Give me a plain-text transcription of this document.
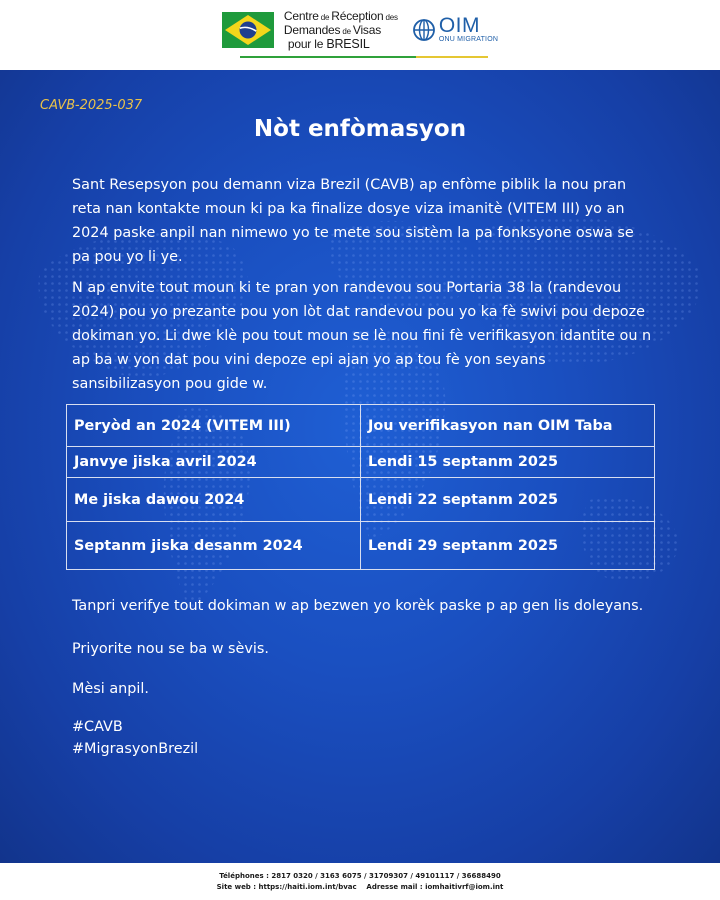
Centre de Réception des
Demandes de Visas
pour le BRESIL
OIM
ONU MIGRATION
CAVB-2025-037
Nòt enfòmasyon

Sant Resepsyon pou demann viza Brezil (CAVB) ap enfòme piblik la nou pran reta nan kontakte moun ki pa ka finalize dosye viza imanitè (VITEM III) yo an 2024 paske anpil nan nimewo yo te mete sou sistèm la pa fonksyone oswa se pa pou yo li ye.

N ap envite tout moun ki te pran yon randevou sou Portaria 38 la (randevou 2024) pou yo prezante pou yon lòt dat randevou pou yo ka fè swivi pou depoze dokiman yo. Li dwe klè pou tout moun se lè nou fini fè verifikasyon idantite ou n ap ba w yon dat pou vini depoze epi ajan yo ap tou fè yon seyans sansibilizasyon pou gide w.

Peryòd an 2024 (VITEM III)	Jou verifikasyon nan OIM Taba
Janvye jiska avril 2024	Lendi 15 septanm 2025
Me jiska dawou 2024	Lendi 22 septanm 2025
Septanm jiska desanm 2024	Lendi 29 septanm 2025
Tanpri verifye tout dokiman w ap bezwen yo korèk paske p ap gen lis doleyans.
Priyorite nou se ba w sèvis.
Mèsi anpil.
#CAVB
#MigrasyonBrezil
Téléphones : 2817 0320 / 3163 6075 / 31709307 / 49101117 / 36688490
Site web : https://haiti.iom.int/bvac Adresse mail : iomhaitivrf@iom.int
